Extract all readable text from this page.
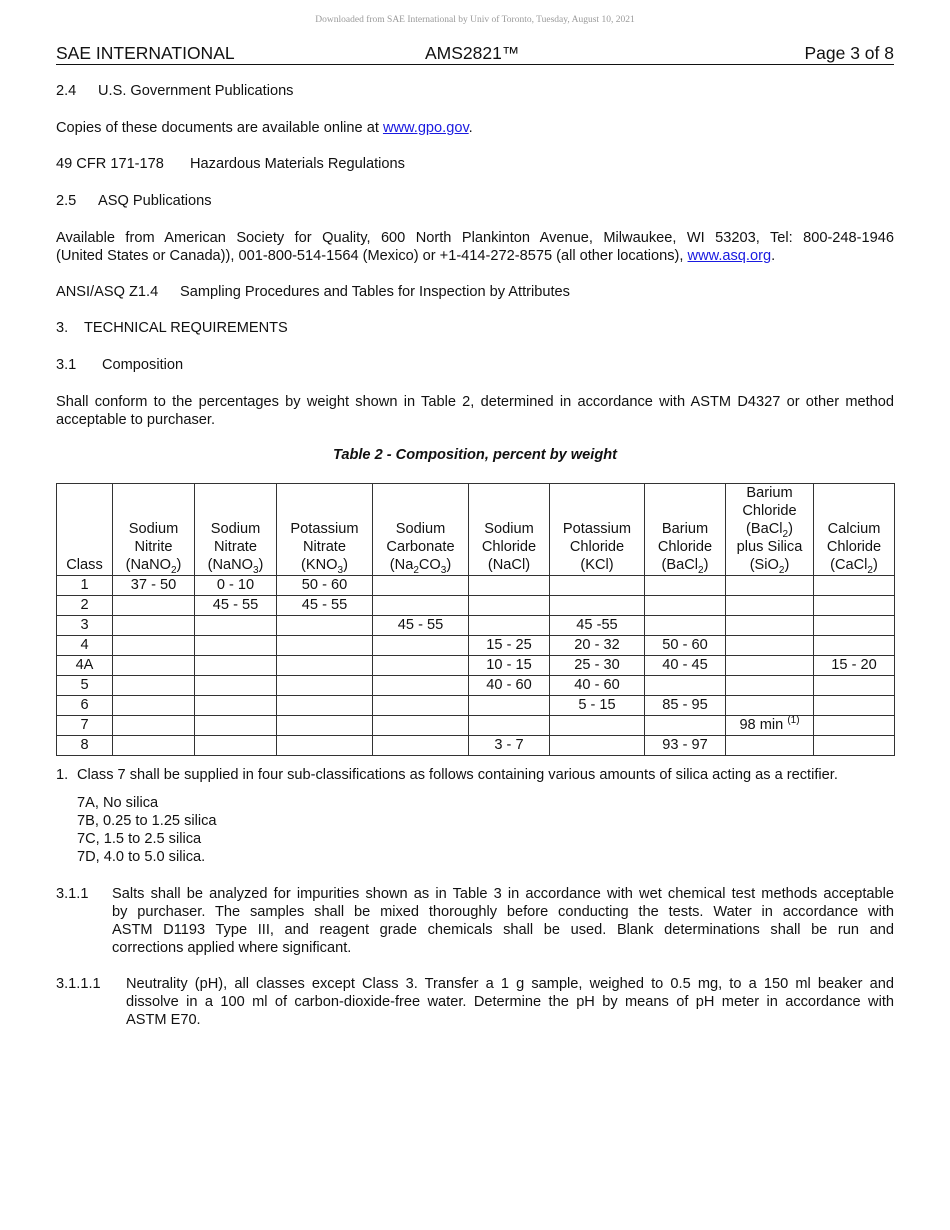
Downloaded from SAE International by Univ of Toronto, Tuesday, August 10, 2021
SAE INTERNATIONAL	AMS2821™	Page 3 of 8
2.4 U.S. Government Publications
Copies of these documents are available online at www.gpo.gov.
49 CFR 171-178 Hazardous Materials Regulations
2.5 ASQ Publications
Available from American Society for Quality, 600 North Plankinton Avenue, Milwaukee, WI 53203, Tel: 800-248-1946
(United States or Canada)), 001-800-514-1564 (Mexico) or +1-414-272-8575 (all other locations), www.asq.org.
ANSI/ASQ Z1.4 Sampling Procedures and Tables for Inspection by Attributes
3. TECHNICAL REQUIREMENTS
3.1 Composition
Shall conform to the percentages by weight shown in Table 2, determined in accordance with ASTM D4327 or other method
acceptable to purchaser.
Table 2 - Composition, percent by weight
Class	Sodium
Nitrite
(NaNO$_2$)	Sodium
Nitrate
(NaNO$_3$)	Potassium
Nitrate
$(KNO_3)$	Sodium
Carbonate
$(Na_2CO_3)$	Sodium
Chloride
(NaCl)	Potassium
Chloride
(KCl)	Barium
Chloride
(BaCl$_2$)	Barium
Chloride
(BaCl$_2$)
plus Silica
(SiO$_2$)	Calcium
Chloride
(CaCl$_2$)
1	37 - 50	0 - 10	50 - 60						
2		45 - 55	45 - 55						
3				45 - 55		45 -55			
4					15 - 25	20 - 32	50 - 60		
4A					10 - 15	25 - 30	40 - 45		15 - 20
5					40 - 60	40 - 60			
6						5 - 15	85 - 95		
7								98 min $^{(1)}$	
8					3 - 7		93 - 97		
1. Class 7 shall be supplied in four sub-classifications as follows containing various amounts of silica acting as a rectifier.
7A, No silica
7B, 0.25 to 1.25 silica
7C, 1.5 to 2.5 silica
7D, 4.0 to 5.0 silica.
3.1.1 Salts shall be analyzed for impurities shown as in Table 3 in accordance with wet chemical test methods acceptable
by purchaser. The samples shall be mixed thoroughly before conducting the tests. Water in accordance with
ASTM D1193 Type III, and reagent grade chemicals shall be used. Blank determinations shall be run and
corrections applied where significant.
3.1.1.1 Neutrality (pH), all classes except Class 3. Transfer a 1 g sample, weighed to 0.5 mg, to a 150 ml beaker and
dissolve in a 100 ml of carbon-dioxide-free water. Determine the pH by means of pH meter in accordance with
ASTM E70.
